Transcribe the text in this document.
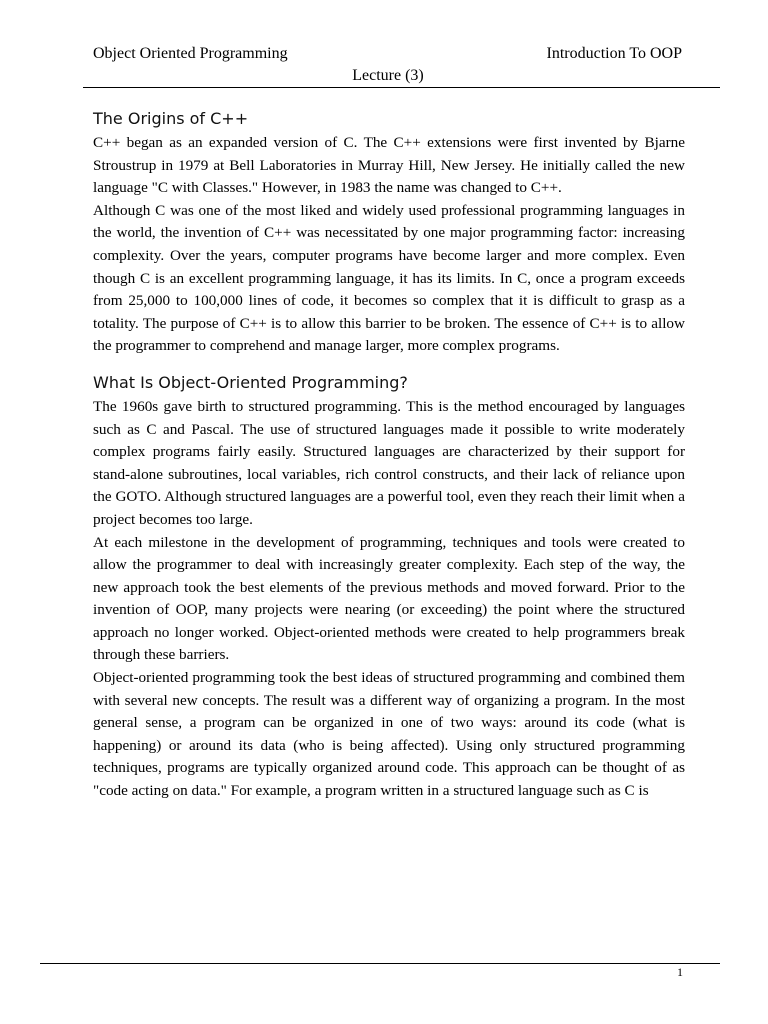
Object Oriented Programming	Introduction To OOP
Lecture (3)
The Origins of C++

C++ began as an expanded version of C. The C++ extensions were first invented by Bjarne Stroustrup in 1979 at Bell Laboratories in Murray Hill, New Jersey. He initially called the new language "C with Classes." However, in 1983 the name was changed to C++.

Although C was one of the most liked and widely used professional programming languages in the world, the invention of C++ was necessitated by one major programming factor: increasing complexity. Over the years, computer programs have become larger and more complex. Even though C is an excellent programming language, it has its limits. In C, once a program exceeds from 25,000 to 100,000 lines of code, it becomes so complex that it is difficult to grasp as a totality. The purpose of C++ is to allow this barrier to be broken. The essence of C++ is to allow the programmer to comprehend and manage larger, more complex programs.

What Is Object-Oriented Programming?

The 1960s gave birth to structured programming. This is the method encouraged by languages such as C and Pascal. The use of structured languages made it possible to write moderately complex programs fairly easily. Structured languages are characterized by their support for stand-alone subroutines, local variables, rich control constructs, and their lack of reliance upon the GOTO. Although structured languages are a powerful tool, even they reach their limit when a project becomes too large.

At each milestone in the development of programming, techniques and tools were created to allow the programmer to deal with increasingly greater complexity. Each step of the way, the new approach took the best elements of the previous methods and moved forward. Prior to the invention of OOP, many projects were nearing (or exceeding) the point where the structured approach no longer worked. Object-oriented methods were created to help programmers break through these barriers.

Object-oriented programming took the best ideas of structured programming and combined them with several new concepts. The result was a different way of organizing a program. In the most general sense, a program can be organized in one of two ways: around its code (what is happening) or around its data (who is being affected). Using only structured programming techniques, programs are typically organized around code. This approach can be thought of as "code acting on data." For example, a program written in a structured language such as C is

1
